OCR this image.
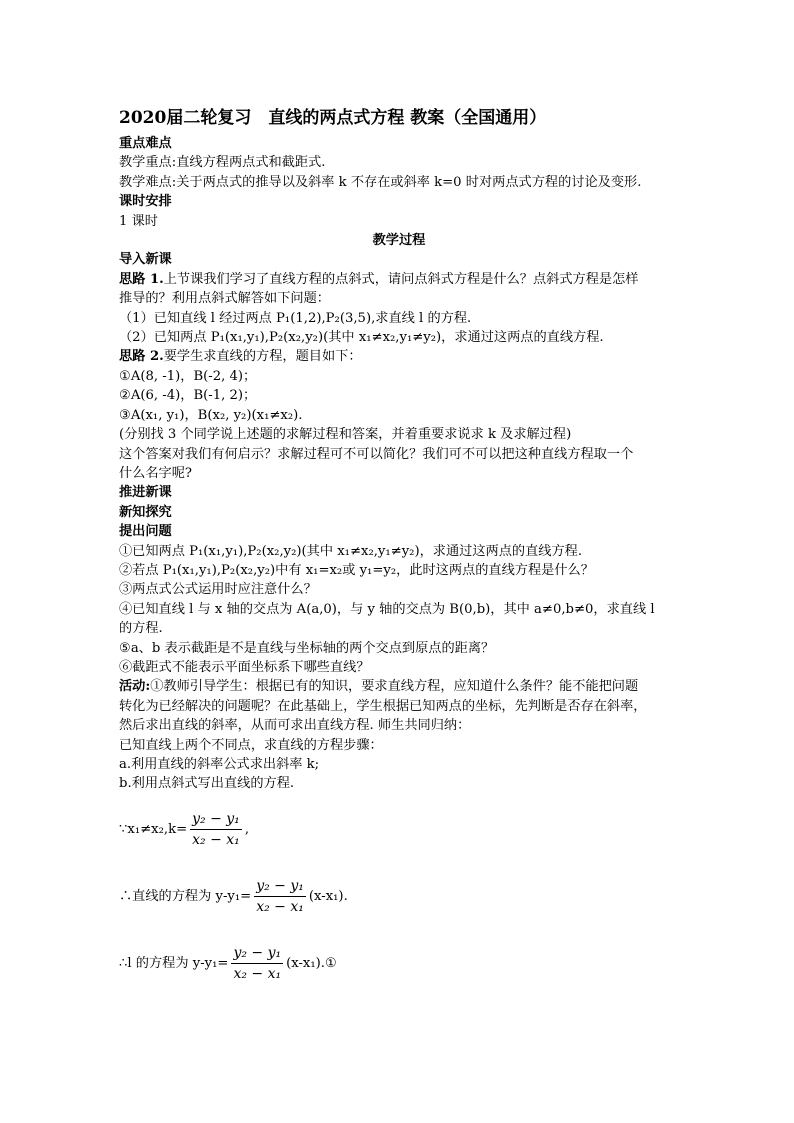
2020届二轮复习　直线的两点式方程 教案（全国通用）
重点难点
教学重点:直线方程两点式和截距式.
教学难点:关于两点式的推导以及斜率 k 不存在或斜率 k=0 时对两点式方程的讨论及变形.
课时安排
1 课时
教学过程
导入新课
思路 1.上节课我们学习了直线方程的点斜式，请问点斜式方程是什么？点斜式方程是怎样
推导的？利用点斜式解答如下问题：
（1）已知直线 l 经过两点 P₁(1,2),P₂(3,5),求直线 l 的方程.
（2）已知两点 P₁(x₁,y₁),P₂(x₂,y₂)(其中 x₁≠x₂,y₁≠y₂)，求通过这两点的直线方程.
思路 2.要学生求直线的方程，题目如下：
①A(8, -1)，B(-2, 4)；
②A(6, -4)，B(-1, 2)；
③A(x₁, y₁)，B(x₂, y₂)(x₁≠x₂).
(分别找 3 个同学说上述题的求解过程和答案，并着重要求说求 k 及求解过程)
这个答案对我们有何启示？求解过程可不可以简化？我们可不可以把这种直线方程取一个
什么名字呢?
推进新课
新知探究
提出问题
①已知两点 P₁(x₁,y₁),P₂(x₂,y₂)(其中 x₁≠x₂,y₁≠y₂)，求通过这两点的直线方程.
②若点 P₁(x₁,y₁),P₂(x₂,y₂)中有 x₁=x₂或 y₁=y₂，此时这两点的直线方程是什么？
③两点式公式运用时应注意什么？
④已知直线 l 与 x 轴的交点为 A(a,0)，与 y 轴的交点为 B(0,b)，其中 a≠0,b≠0，求直线 l
的方程.
⑤a、b 表示截距是不是直线与坐标轴的两个交点到原点的距离？
⑥截距式不能表示平面坐标系下哪些直线？
活动:①教师引导学生：根据已有的知识，要求直线方程，应知道什么条件？能不能把问题
转化为已经解决的问题呢？在此基础上，学生根据已知两点的坐标，先判断是否存在斜率，
然后求出直线的斜率，从而可求出直线方程. 师生共同归纳：
已知直线上两个不同点，求直线的方程步骤：
a.利用直线的斜率公式求出斜率 k;
b.利用点斜式写出直线的方程.
∵x₁≠x₂,k= $\frac{\text{y₂ − y₁}}{\text{x₂ − x₁}}$ ,
∴直线的方程为 $y-y_1= \frac{\text{y₂ − y₁}}{\text{x₂ − x₁}} (x-x_1)$.
∴l 的方程为 $y-y_1= \frac{\text{y₂ − y₁}}{\text{x₂ − x₁}}$ (x-x₁).①
